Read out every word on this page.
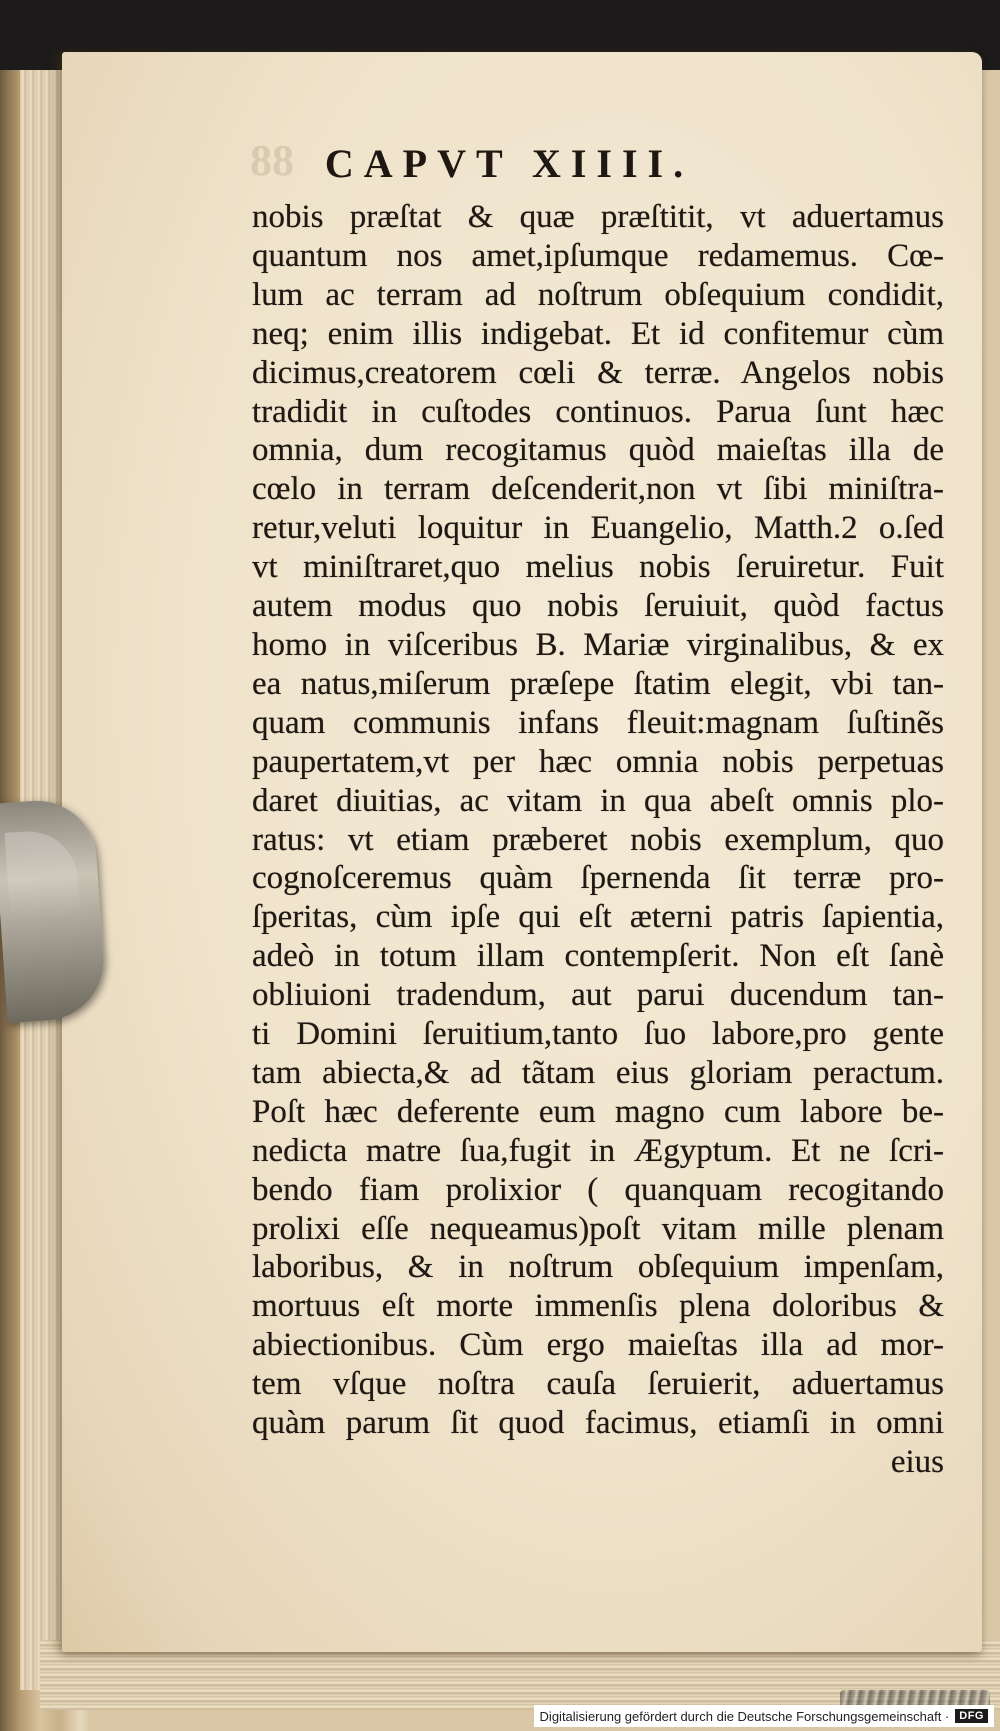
88 CAPVT XIIII.
nobis præſtat & quæ præſtitit, vt aduertamus
quantum nos amet,ipſumque redamemus. Cœ-
lum ac terram ad noſtrum obſequium condidit,
neq; enim illis indigebat. Et id confitemur cùm
dicimus,creatorem cœli & terræ. Angelos nobis
tradidit in cuſtodes continuos. Parua ſunt hæc
omnia, dum recogitamus quòd maieſtas illa de
cœlo in terram deſcenderit,non vt ſibi miniſtra-
retur,veluti loquitur in Euangelio, Matth.2 o.ſed
vt miniſtraret,quo melius nobis ſeruiretur. Fuit
autem modus quo nobis ſeruiuit, quòd factus
homo in viſceribus B. Mariæ virginalibus, & ex
ea natus,miſerum præſepe ſtatim elegit, vbi tan-
quam communis infans fleuit:magnam ſuſtinẽs
paupertatem,vt per hæc omnia nobis perpetuas
daret diuitias, ac vitam in qua abeſt omnis plo-
ratus: vt etiam præberet nobis exemplum, quo
cognoſceremus quàm ſpernenda ſit terræ pro-
ſperitas, cùm ipſe qui eſt æterni patris ſapientia,
adeò in totum illam contempſerit. Non eſt ſanè
obliuioni tradendum, aut parui ducendum tan-
ti Domini ſeruitium,tanto ſuo labore,pro gente
tam abiecta,& ad tãtam eius gloriam peractum.
Poſt hæc deferente eum magno cum labore be-
nedicta matre ſua,fugit in Ægyptum. Et ne ſcri-
bendo fiam prolixior ( quanquam recogitando
prolixi eſſe nequeamus)poſt vitam mille plenam
laboribus, & in noſtrum obſequium impenſam,
mortuus eſt morte immenſis plena doloribus &
abiectionibus. Cùm ergo maieſtas illa ad mor-
tem vſque noſtra cauſa ſeruierit, aduertamus
quàm parum ſit quod facimus, etiamſi in omni
eius
Digitalisierung gefördert durch die Deutsche Forschungsgemeinschaft · DFG
